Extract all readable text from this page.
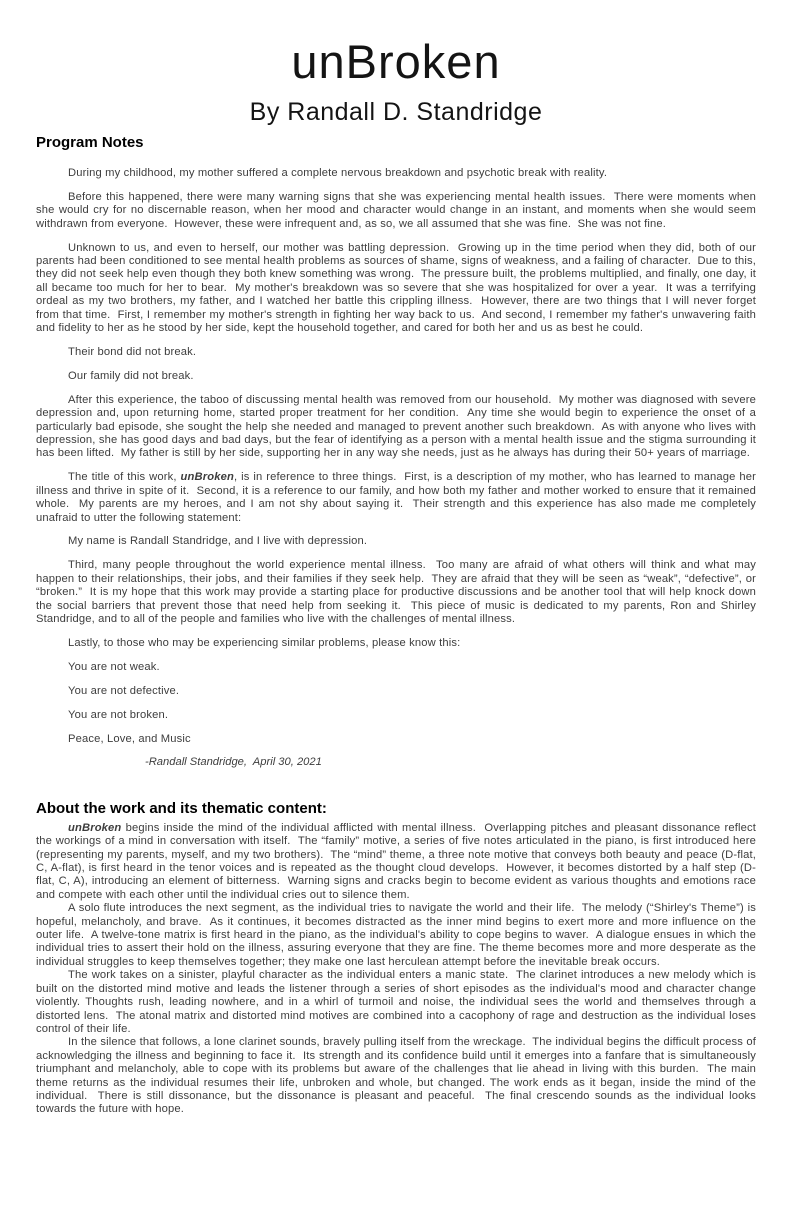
unBroken
By Randall D. Standridge
Program Notes

During my childhood, my mother suffered a complete nervous breakdown and psychotic break with reality.

Before this happened, there were many warning signs that she was experiencing mental health issues.  There were moments when she would cry for no discernable reason, when her mood and character would change in an instant, and moments when she would seem withdrawn from everyone.  However, these were infrequent and, as so, we all assumed that she was fine.  She was not fine.

Unknown to us, and even to herself, our mother was battling depression.  Growing up in the time period when they did, both of our parents had been conditioned to see mental health problems as sources of shame, signs of weakness, and a failing of character.  Due to this, they did not seek help even though they both knew something was wrong.  The pressure built, the problems multiplied, and finally, one day, it all became too much for her to bear.  My mother's breakdown was so severe that she was hospitalized for over a year.  It was a terrifying ordeal as my two brothers, my father, and I watched her battle this crippling illness.  However, there are two things that I will never forget from that time.  First, I remember my mother's strength in fighting her way back to us.  And second, I remember my father's unwavering faith and fidelity to her as he stood by her side, kept the household together, and cared for both her and us as best he could.

Their bond did not break.

Our family did not break.

After this experience, the taboo of discussing mental health was removed from our household.  My mother was diagnosed with severe depression and, upon returning home, started proper treatment for her condition.  Any time she would begin to experience the onset of a particularly bad episode, she sought the help she needed and managed to prevent another such breakdown.  As with anyone who lives with depression, she has good days and bad days, but the fear of identifying as a person with a mental health issue and the stigma surrounding it has been lifted.  My father is still by her side, supporting her in any way she needs, just as he always has during their 50+ years of marriage.

The title of this work, unBroken, is in reference to three things.  First, is a description of my mother, who has learned to manage her illness and thrive in spite of it.  Second, it is a reference to our family, and how both my father and mother worked to ensure that it remained whole.  My parents are my heroes, and I am not shy about saying it.  Their strength and this experience has also made me completely unafraid to utter the following statement:

My name is Randall Standridge, and I live with depression.

Third, many people throughout the world experience mental illness.  Too many are afraid of what others will think and what may happen to their relationships, their jobs, and their families if they seek help.  They are afraid that they will be seen as “weak”, “defective”, or “broken.”  It is my hope that this work may provide a starting place for productive discussions and be another tool that will help knock down the social barriers that prevent those that need help from seeking it.  This piece of music is dedicated to my parents, Ron and Shirley Standridge, and to all of the people and families who live with the challenges of mental illness.

Lastly, to those who may be experiencing similar problems, please know this:

You are not weak.

You are not defective.

You are not broken.

Peace, Love, and Music

-Randall Standridge,  April 30, 2021

About the work and its thematic content:

unBroken begins inside the mind of the individual afflicted with mental illness.  Overlapping pitches and pleasant dissonance reflect the workings of a mind in conversation with itself.  The “family” motive, a series of five notes articulated in the piano, is first introduced here (representing my parents, myself, and my two brothers).  The “mind” theme, a three note motive that conveys both beauty and peace (D-flat, C, A-flat), is first heard in the tenor voices and is repeated as the thought cloud develops.  However, it becomes distorted by a half step (D-flat, C, A), introducing an element of bitterness.  Warning signs and cracks begin to become evident as various thoughts and emotions race and compete with each other until the individual cries out to silence them.

A solo flute introduces the next segment, as the individual tries to navigate the world and their life.  The melody (“Shirley's Theme”) is hopeful, melancholy, and brave.  As it continues, it becomes distracted as the inner mind begins to exert more and more influence on the outer life.  A twelve-tone matrix is first heard in the piano, as the individual's ability to cope begins to waver.  A dialogue ensues in which the individual tries to assert their hold on the illness, assuring everyone that they are fine. The theme becomes more and more desperate as the individual struggles to keep themselves together; they make one last herculean attempt before the inevitable break occurs.

The work takes on a sinister, playful character as the individual enters a manic state.  The clarinet introduces a new melody which is built on the distorted mind motive and leads the listener through a series of short episodes as the individual's mood and character change violently. Thoughts rush, leading nowhere, and in a whirl of turmoil and noise, the individual sees the world and themselves through a distorted lens.  The atonal matrix and distorted mind motives are combined into a cacophony of rage and destruction as the individual loses control of their life.

In the silence that follows, a lone clarinet sounds, bravely pulling itself from the wreckage.  The individual begins the difficult process of acknowledging the illness and beginning to face it.  Its strength and its confidence build until it emerges into a fanfare that is simultaneously triumphant and melancholy, able to cope with its problems but aware of the challenges that lie ahead in living with this burden.  The main theme returns as the individual resumes their life, unbroken and whole, but changed. The work ends as it began, inside the mind of the individual.  There is still dissonance, but the dissonance is pleasant and peaceful.  The final crescendo sounds as the individual looks towards the future with hope.
